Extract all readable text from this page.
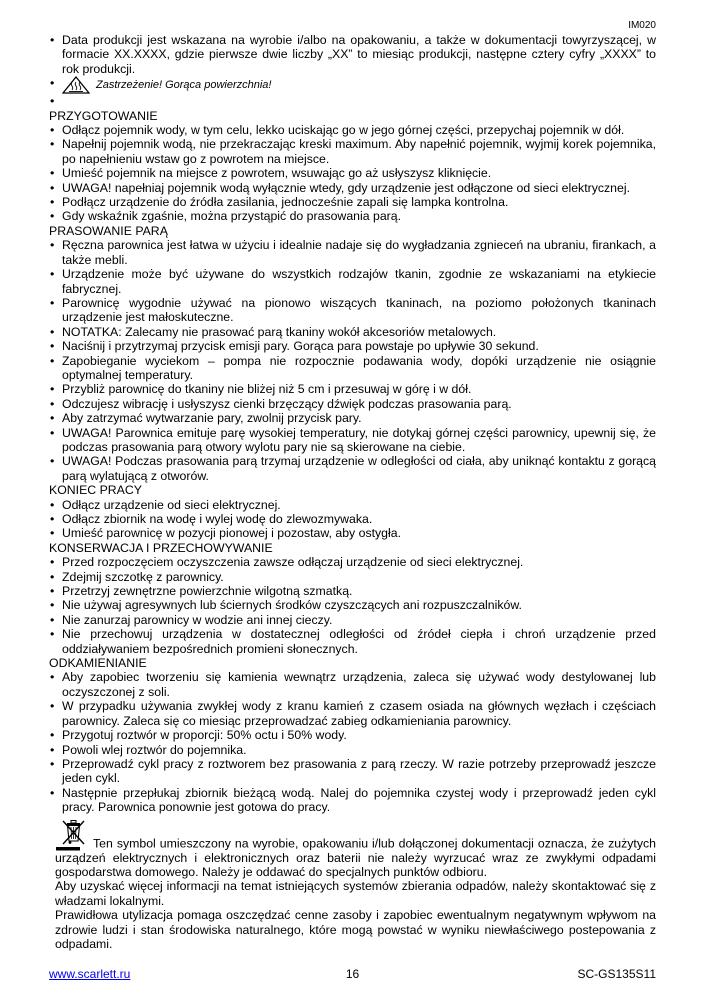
IM020
• Data produkcji jest wskazana na wyrobie i/albo na opakowaniu, a także w dokumentacji towyrzyszącej, w formacie XX.XXXX, gdzie pierwsze dwie liczby „XX” to miesiąc produkcji, następne cztery cyfry „XXXX” to rok produkcji.
• Zastrzeżenie! Gorąca powierzchnia!
•
PRZYGOTOWANIE
• Odłącz pojemnik wody, w tym celu, lekko uciskając go w jego górnej części, przepychaj pojemnik w dół.
• Napełnij pojemnik wodą, nie przekraczając kreski maximum. Aby napełnić pojemnik, wyjmij korek pojemnika, po napełnieniu wstaw go z powrotem na miejsce.
• Umieść pojemnik na miejsce z powrotem, wsuwając go aż usłyszysz kliknięcie.
• UWAGA! napełniaj pojemnik wodą wyłącznie wtedy, gdy urządzenie jest odłączone od sieci elektrycznej.
• Podłącz urządzenie do źródła zasilania, jednocześnie zapali się lampka kontrolna.
• Gdy wskaźnik zgaśnie, można przystąpić do prasowania parą.
PRASOWANIE PARĄ
• Ręczna parownica jest łatwa w użyciu i idealnie nadaje się do wygładzania zgnieceń na ubraniu, firankach, a także mebli.
• Urządzenie może być używane do wszystkich rodzajów tkanin, zgodnie ze wskazaniami na etykiecie fabrycznej.
• Parownicę wygodnie używać na pionowo wiszących tkaninach, na poziomo położonych tkaninach urządzenie jest małoskuteczne.
• NOTATKA: Zalecamy nie prasować parą tkaniny wokół akcesoriów metalowych.
• Naciśnij i przytrzymaj przycisk emisji pary. Gorąca para powstaje po upływie 30 sekund.
• Zapobieganie wyciekom – pompa nie rozpocznie podawania wody, dopóki urządzenie nie osiągnie optymalnej temperatury.
• Przybliż parownicę do tkaniny nie bliżej niż 5 cm i przesuwaj w górę i w dół.
• Odczujesz wibrację i usłyszysz cienki brzęczący dźwięk podczas prasowania parą.
• Aby zatrzymać wytwarzanie pary, zwolnij przycisk pary.
• UWAGA! Parownica emituje parę wysokiej temperatury, nie dotykaj górnej części parownicy, upewnij się, że podczas prasowania parą otwory wylotu pary nie są skierowane na ciebie.
• UWAGA! Podczas prasowania parą trzymaj urządzenie w odległości od ciała, aby uniknąć kontaktu z gorącą parą wylatującą z otworów.
KONIEC PRACY
• Odłącz urządzenie od sieci elektrycznej.
• Odłącz zbiornik na wodę i wylej wodę do zlewozmywaka.
• Umieść parownicę w pozycji pionowej i pozostaw, aby ostygła.
KONSERWACJA I PRZECHOWYWANIE
• Przed rozpoczęciem oczyszczenia zawsze odłączaj urządzenie od sieci elektrycznej.
• Zdejmij szczotkę z parownicy.
• Przetrzyj zewnętrzne powierzchnie wilgotną szmatką.
• Nie używaj agresywnych lub ściernych środków czyszczących ani rozpuszczalników.
• Nie zanurzaj parownicy w wodzie ani innej cieczy.
• Nie przechowuj urządzenia w dostatecznej odległości od źródeł ciepła i chroń urządzenie przed oddziaływaniem bezpośrednich promieni słonecznych.
ODKAMIENIANIE
• Aby zapobiec tworzeniu się kamienia wewnątrz urządzenia, zaleca się używać wody destylowanej lub oczyszczonej z soli.
• W przypadku używania zwykłej wody z kranu kamień z czasem osiada na głównych węzłach i częściach parownicy. Zaleca się co miesiąc przeprowadzać zabieg odkamieniania parownicy.
• Przygotuj roztwór w proporcji: 50% octu i 50% wody.
• Powoli wlej roztwór do pojemnika.
• Przeprowadź cykl pracy z roztworem bez prasowania z parą rzeczy. W razie potrzeby przeprowadź jeszcze jeden cykl.
• Następnie przepłukaj zbiornik bieżącą wodą. Nalej do pojemnika czystej wody i przeprowadź jeden cykl pracy. Parownica ponownie jest gotowa do pracy.

Ten symbol umieszczony na wyrobie, opakowaniu i/lub dołączonej dokumentacji oznacza, że zużytych urządzeń elektrycznych i elektronicznych oraz baterii nie należy wyrzucać wraz ze zwykłymi odpadami gospodarstwa domowego. Należy je oddawać do specjalnych punktów odbioru.

Aby uzyskać więcej informacji na temat istniejących systemów zbierania odpadów, należy skontaktować się z władzami lokalnymi.

Prawidłowa utylizacja pomaga oszczędzać cenne zasoby i zapobiec ewentualnym negatywnym wpływom na zdrowie ludzi i stan środowiska naturalnego, które mogą powstać w wyniku niewłaściwego postepowania z odpadami.

www.scarlett.ru	16	SC-GS135S11
